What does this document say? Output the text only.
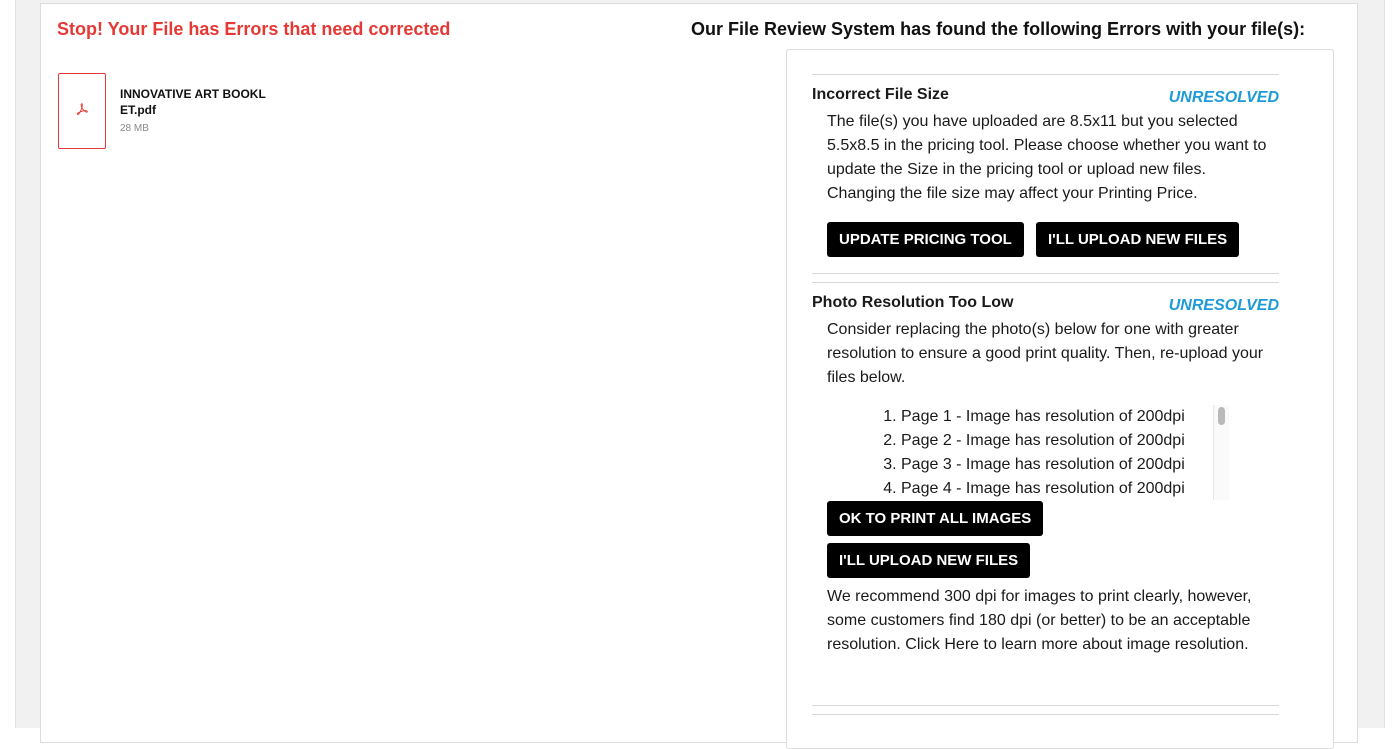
Stop! Your File has Errors that need corrected	Our File Review System has found the following Errors with your file(s):
INNOVATIVE ART BOOKLET.pdf
28 MB
Incorrect File Size	UNRESOLVED
The file(s) you have uploaded are 8.5x11 but you selected 5.5x8.5 in the pricing tool. Please choose whether you want to update the Size in the pricing tool or upload new files. Changing the file size may affect your Printing Price.
UPDATE PRICING TOOL	I'LL UPLOAD NEW FILES
Photo Resolution Too Low	UNRESOLVED
Consider replacing the photo(s) below for one with greater resolution to ensure a good print quality. Then, re-upload your files below.
1. Page 1 - Image has resolution of 200dpi
2. Page 2 - Image has resolution of 200dpi
3. Page 3 - Image has resolution of 200dpi
4. Page 4 - Image has resolution of 200dpi
OK TO PRINT ALL IMAGES
I'LL UPLOAD NEW FILES
We recommend 300 dpi for images to print clearly, however, some customers find 180 dpi (or better) to be an acceptable resolution. Click Here to learn more about image resolution.
